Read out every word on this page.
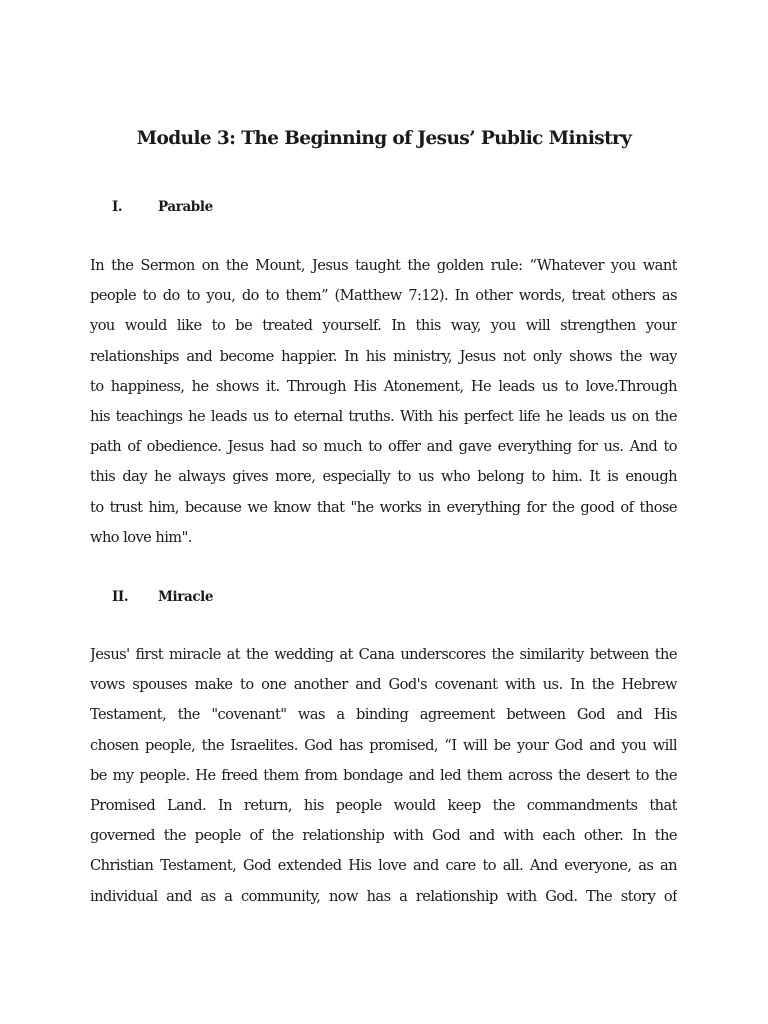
Module 3: The Beginning of Jesus’ Public Ministry
I.	Parable
In the Sermon on the Mount, Jesus taught the golden rule: “Whatever you want
people to do to you, do to them” (Matthew 7:12). In other words, treat others as
you would like to be treated yourself. In this way, you will strengthen your
relationships and become happier. In his ministry, Jesus not only shows the way
to happiness, he shows it. Through His Atonement, He leads us to love.Through
his teachings he leads us to eternal truths. With his perfect life he leads us on the
path of obedience. Jesus had so much to offer and gave everything for us. And to
this day he always gives more, especially to us who belong to him. It is enough
to trust him, because we know that "he works in everything for the good of those
who love him".
II. Miracle
Jesus' first miracle at the wedding at Cana underscores the similarity between the
vows spouses make to one another and God's covenant with us. In the Hebrew
Testament, the "covenant" was a binding agreement between God and His
chosen people, the Israelites. God has promised, “I will be your God and you will
be my people. He freed them from bondage and led them across the desert to the
Promised Land. In return, his people would keep the commandments that
governed the people of the relationship with God and with each other. In the
Christian Testament, God extended His love and care to all. And everyone, as an
individual and as a community, now has a relationship with God. The story of
